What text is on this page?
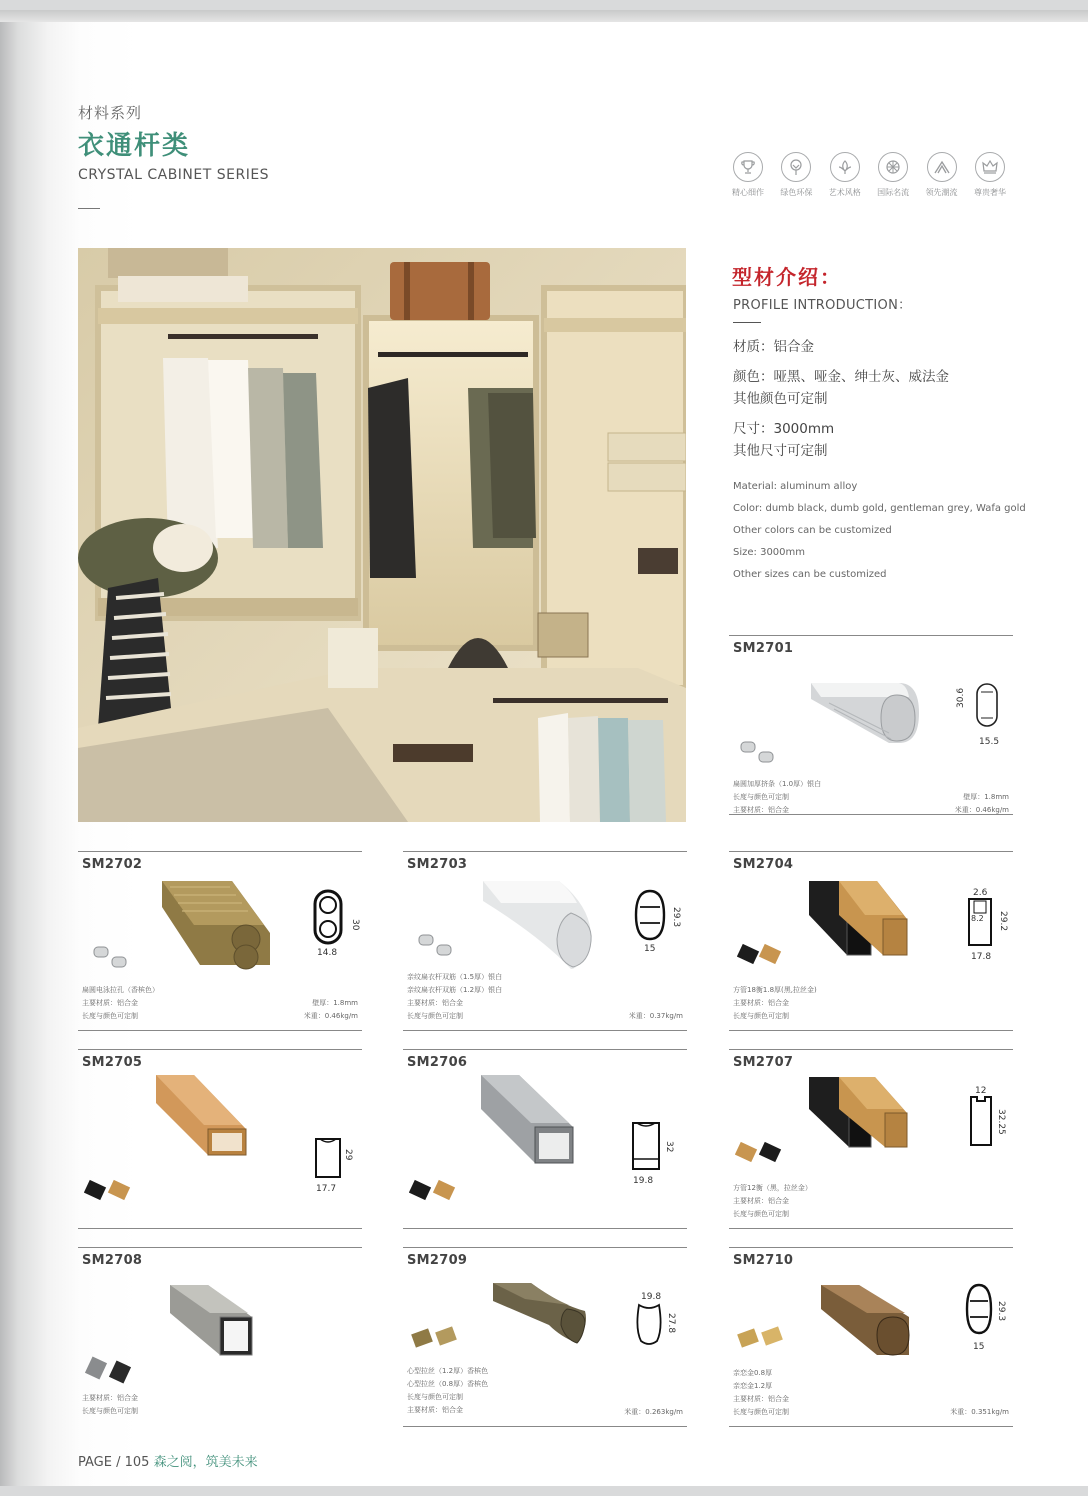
材料系列
衣通杆类
CRYSTAL CABINET SERIES
精心细作 绿色环保 艺术风格 国际名流 领先潮流 尊贵奢华
型材介绍：
PROFILE INTRODUCTION：

材质：铝合金

颜色：哑黑、哑金、绅士灰、威法金
其他颜色可定制

尺寸：3000mm
其他尺寸可定制

Material: aluminum alloy
Color: dumb black, dumb gold, gentleman grey, Wafa gold
Other colors can be customized
Size: 3000mm
Other sizes can be customized
SM2701
30.6
15.5
扁圆加厚挤条（1.0厚）银白
长度与颜色可定制
主要材质：铝合金
壁厚：1.8mm
米重：0.46kg/m
SM2702
30
14.8
扁圆电泳拉孔（香槟色）
主要材质：铝合金
长度与颜色可定制
壁厚：1.8mm
米重：0.46kg/m
SM2703
29.3
15
亲纹扁衣杆双筋（1.5厚）银白
亲纹扁衣杆双筋（1.2厚）银白
主要材质：铝合金
长度与颜色可定制	米重：0.37kg/m
SM2704
2.6
8.2 29.2
17.8
方管18衡1.8厚(黑,拉丝金)
主要材质：铝合金
长度与颜色可定制
SM2705
29
17.7
SM2706
32
19.8
SM2707
12
32.25
方管12衡（黑，拉丝金）
主要材质：铝合金
长度与颜色可定制
SM2708
主要材质：铝合金
长度与颜色可定制
SM2709
19.8
27.8
心型拉丝（1.2厚）香槟色
心型拉丝（0.8厚）香槟色
长度与颜色可定制
主要材质：铝合金	米重：0.263kg/m
SM2710
29.3
15
亲恋金0.8厚
亲恋金1.2厚
主要材质：铝合金
长度与颜色可定制	米重：0.351kg/m
PAGE / 105 森之阅，筑美未来
